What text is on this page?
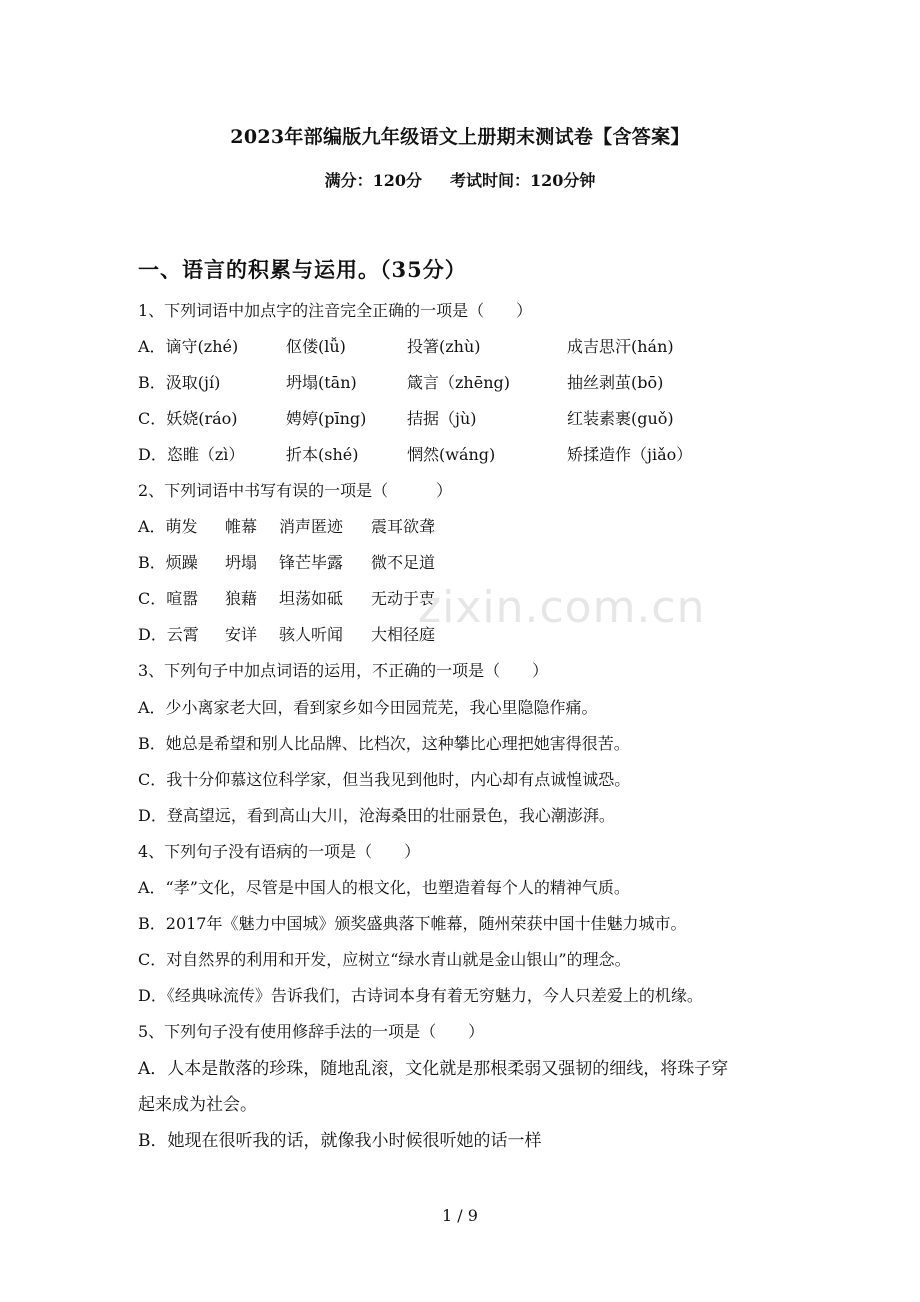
2023年部编版九年级语文上册期末测试卷【含答案】
满分：120分 考试时间：120分钟
一、语言的积累与运用。（35分）
1、下列词语中加点字的注音完全正确的一项是（　　）
A．谪守(zhé)	伛偻(lǚ)	投箸(zhù)	成吉思汗(hán)
B．汲取(jí)	坍塌(tān)	箴言（zhēng)	抽丝剥茧(bō)
C．妖娆(ráo)	娉婷(pīng)	拮据（jù)	红装素裹(guǒ)
D．恣睢（zì）	折本(shé)	惘然(wáng)	矫揉造作（jiǎo）
2、下列词语中书写有误的一项是（　　　）
A．萌发 帷幕 消声匿迹 震耳欲聋
B．烦躁 坍塌 锋芒毕露 微不足道
C．喧嚣 狼藉 坦荡如砥 无动于衷
D．云霄 安详 骇人听闻 大相径庭
3、下列句子中加点词语的运用，不正确的一项是（　　）
A．少小离家老大回，看到家乡如今田园荒芜，我心里隐隐作痛。
B．她总是希望和别人比品牌、比档次，这种攀比心理把她害得很苦。
C．我十分仰慕这位科学家，但当我见到他时，内心却有点诚惶诚恐。
D．登高望远，看到高山大川，沧海桑田的壮丽景色，我心潮澎湃。
4、下列句子没有语病的一项是（　　）
A．“孝”文化，尽管是中国人的根文化，也塑造着每个人的精神气质。
B．2017年《魅力中国城》颁奖盛典落下帷幕，随州荣获中国十佳魅力城市。
C．对自然界的利用和开发，应树立“绿水青山就是金山银山”的理念。
D．《经典咏流传》告诉我们，古诗词本身有着无穷魅力，今人只差爱上的机缘。
5、下列句子没有使用修辞手法的一项是（　　）
A．人本是散落的珍珠，随地乱滚，文化就是那根柔弱又强韧的细线，将珠子穿
起来成为社会。
B．她现在很听我的话，就像我小时候很听她的话一样
zixin.com.cn
1 / 9
